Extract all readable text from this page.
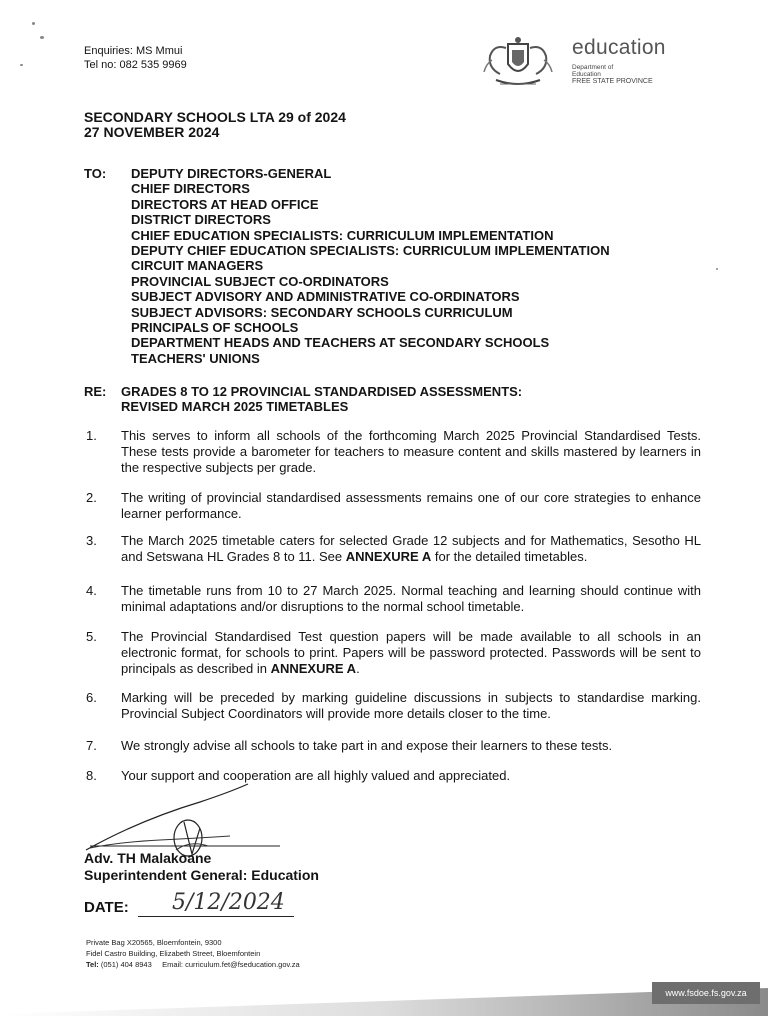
Enquiries: MS Mmui
Tel no: 082 535 9969
education
Department of
Education
FREE STATE PROVINCE
SECONDARY SCHOOLS LTA 29 of 2024
27 NOVEMBER 2024
TO: DEPUTY DIRECTORS-GENERAL
CHIEF DIRECTORS
DIRECTORS AT HEAD OFFICE
DISTRICT DIRECTORS
CHIEF EDUCATION SPECIALISTS: CURRICULUM IMPLEMENTATION
DEPUTY CHIEF EDUCATION SPECIALISTS: CURRICULUM IMPLEMENTATION
CIRCUIT MANAGERS
PROVINCIAL SUBJECT CO-ORDINATORS
SUBJECT ADVISORY AND ADMINISTRATIVE CO-ORDINATORS
SUBJECT ADVISORS: SECONDARY SCHOOLS CURRICULUM
PRINCIPALS OF SCHOOLS
DEPARTMENT HEADS AND TEACHERS AT SECONDARY SCHOOLS
TEACHERS' UNIONS
RE: GRADES 8 TO 12 PROVINCIAL STANDARDISED ASSESSMENTS:
REVISED MARCH 2025 TIMETABLES
1. This serves to inform all schools of the forthcoming March 2025 Provincial Standardised Tests. These tests provide a barometer for teachers to measure content and skills mastered by learners in the respective subjects per grade.
2. The writing of provincial standardised assessments remains one of our core strategies to enhance learner performance.
3. The March 2025 timetable caters for selected Grade 12 subjects and for Mathematics, Sesotho HL and Setswana HL Grades 8 to 11. See ANNEXURE A for the detailed timetables.
4. The timetable runs from 10 to 27 March 2025. Normal teaching and learning should continue with minimal adaptations and/or disruptions to the normal school timetable.
5. The Provincial Standardised Test question papers will be made available to all schools in an electronic format, for schools to print. Papers will be password protected. Passwords will be sent to principals as described in ANNEXURE A.
6. Marking will be preceded by marking guideline discussions in subjects to standardise marking. Provincial Subject Coordinators will provide more details closer to the time.
7. We strongly advise all schools to take part in and expose their learners to these tests.
8. Your support and cooperation are all highly valued and appreciated.
Adv. TH Malakoane
Superintendent General: Education
DATE: 5/12/2024
Private Bag X20565, Bloemfontein, 9300
Fidel Castro Building, Elizabeth Street, Bloemfontein
Tel: (051) 404 8943 Email: curriculum.fet@fseducation.gov.za
www.fsdoe.fs.gov.za
